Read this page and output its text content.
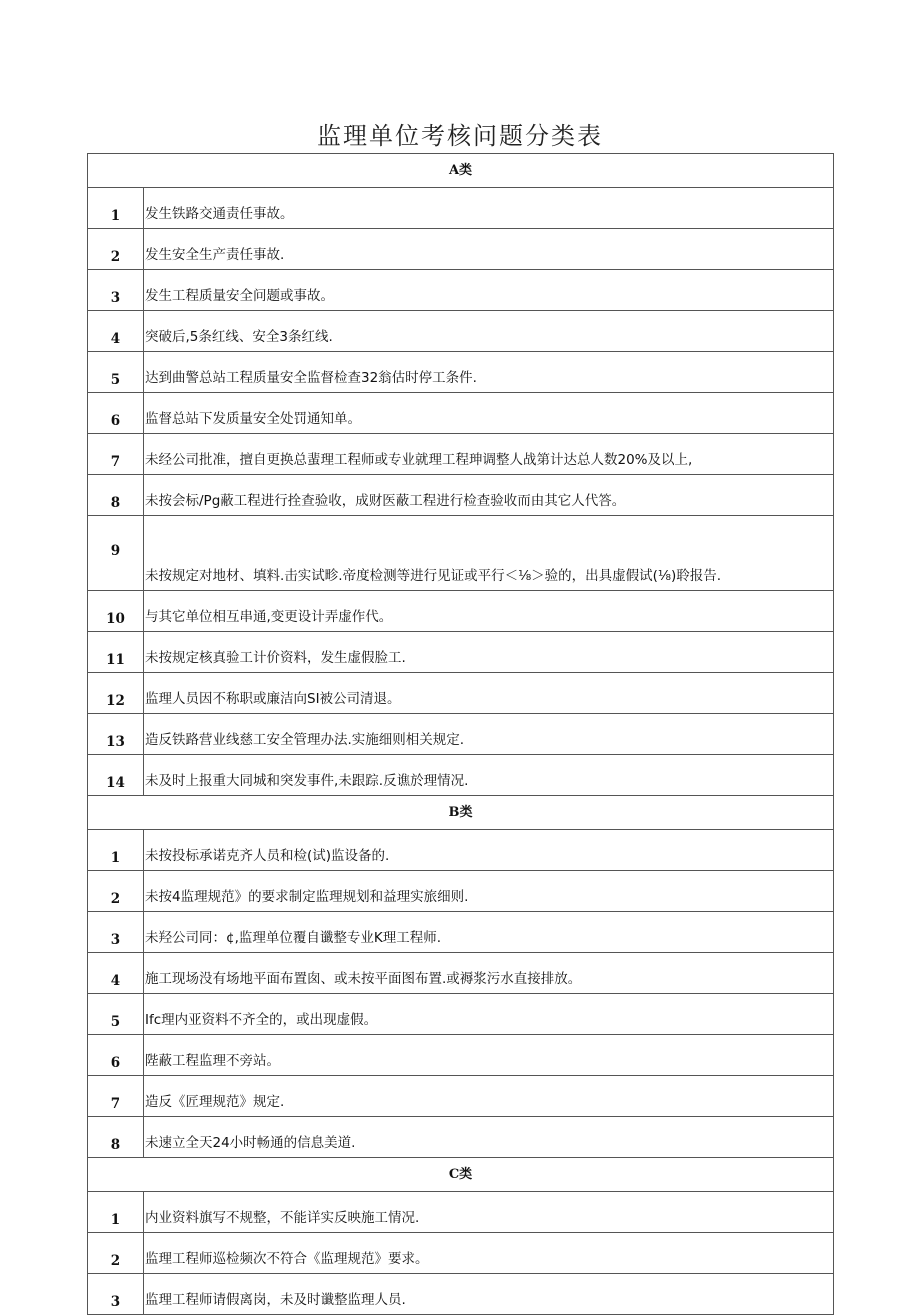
监理单位考核问题分类表
A类	
1	发生铁路交通责任事故。
2	发生安全生产责任事故.
3	发生工程质量安全问题或事故。
4	突破后,5条红线、安全3条红线.
5	达到曲警总站工程质量安全监督检查32翁估时停工条件.
6	监督总站下发质量安全处罚通知单。
7	未经公司批准，擅自更换总蜚理工程师或专业就理工程珅调整人战第计达总人数20%及以上,
8	未按会标/Pg蔽工程进行拴查验收，成财医蔽工程进行检查验收而由其它人代答。
9	未按规定对地材、填料.击实试畛.帝度检测等进行见证或平行＜⅛＞验的，出具虚假试(⅛)聆报告.
10	与其它单位相互串通,变更设计弄虚作代。
11	未按规定核真验工计价资料，发生虚假脸工.
12	监理人员因不称职或廉洁向SI被公司清退。
13	造反铁路营业线慈工安全管理办法.实施细则相关规定.
14	未及时上报重大同城和突发事件,未跟踪.反谯於理情况.
B类	
1	未按投标承诺克齐人员和检(试)监设备的.
2	未按4监理规范》的要求制定监理规划和益理实旅细则.
3	未羟公司同：¢,监理单位覆自谶整专业K理工程师.
4	施工现场没有场地平面布置囱、或未按平面图布置.或褥浆污水直接排放。
5	Ifc理内亚资料不齐全的，或出现虚假。
6	陛蔽工程监理不旁站。
7	造反《匠理规范》规定.
8	未速立全天24小时畅通的信息美道.
C类	
1	内业资料旗写不规整，不能详实反映施工情况.
2	监理工程师巡检频次不符合《监理规范》要求。
3	监理工程师请假离岗，未及时谶整监理人员.
